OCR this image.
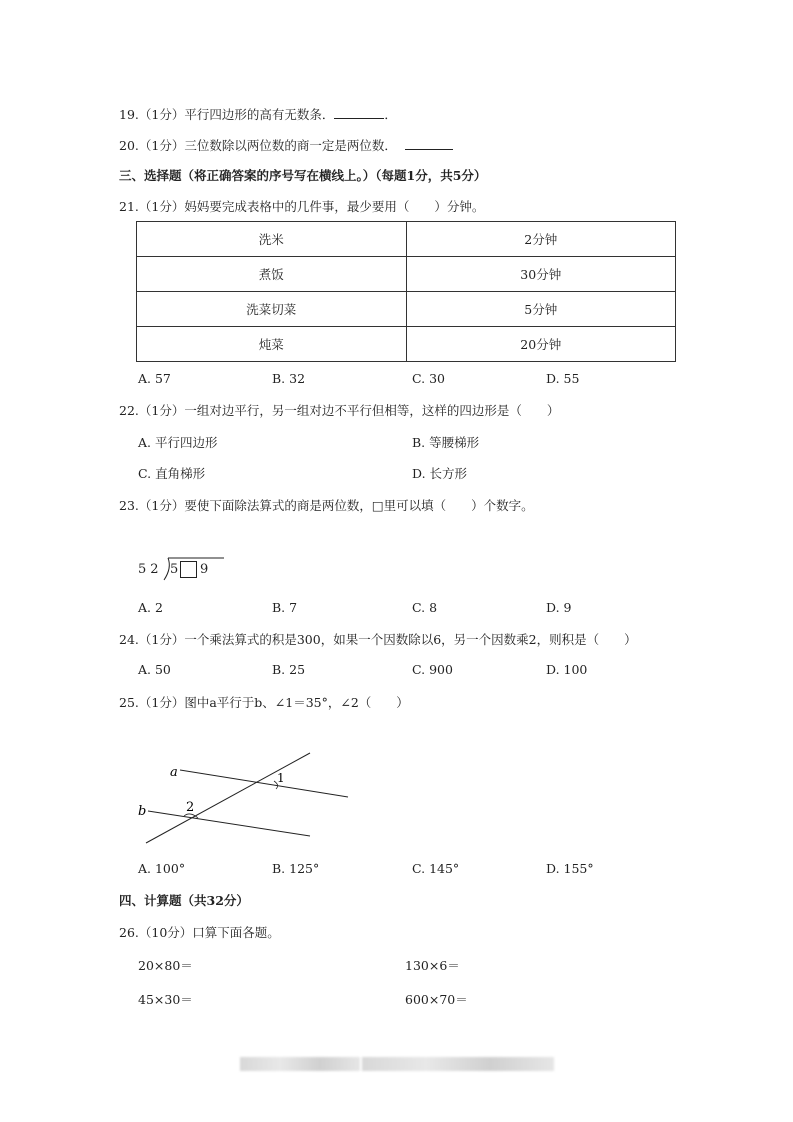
19.（1分）平行四边形的高有无数条．	．
20.（1分）三位数除以两位数的商一定是两位数．
三、选择题（将正确答案的序号写在横线上。）（每题1分，共5分）
21.（1分）妈妈要完成表格中的几件事，最少要用（　　）分钟。
洗米	2分钟
煮饭	30分钟
洗菜切菜	5分钟
炖菜	20分钟
A. 57	B. 32	C. 30	D. 55
22.（1分）一组对边平行，另一组对边不平行但相等，这样的四边形是（　　）
A. 平行四边形	B. 等腰梯形
C. 直角梯形	D. 长方形
23.（1分）要使下面除法算式的商是两位数，□里可以填（　　）个数字。
52 5 9
A. 2	B. 7	C. 8	D. 9
24.（1分）一个乘法算式的积是300，如果一个因数除以6，另一个因数乘2，则积是（　　）
A. 50	B. 25	C. 900	D. 100
25.（1分）图中a平行于b、∠1＝35°，∠2（　　）
a
b
1
2
A. 100°	B. 125°	C. 145°	D. 155°
四、计算题（共32分）
26.（10分）口算下面各题。
20×80＝	130×6＝
45×30＝	600×70＝
